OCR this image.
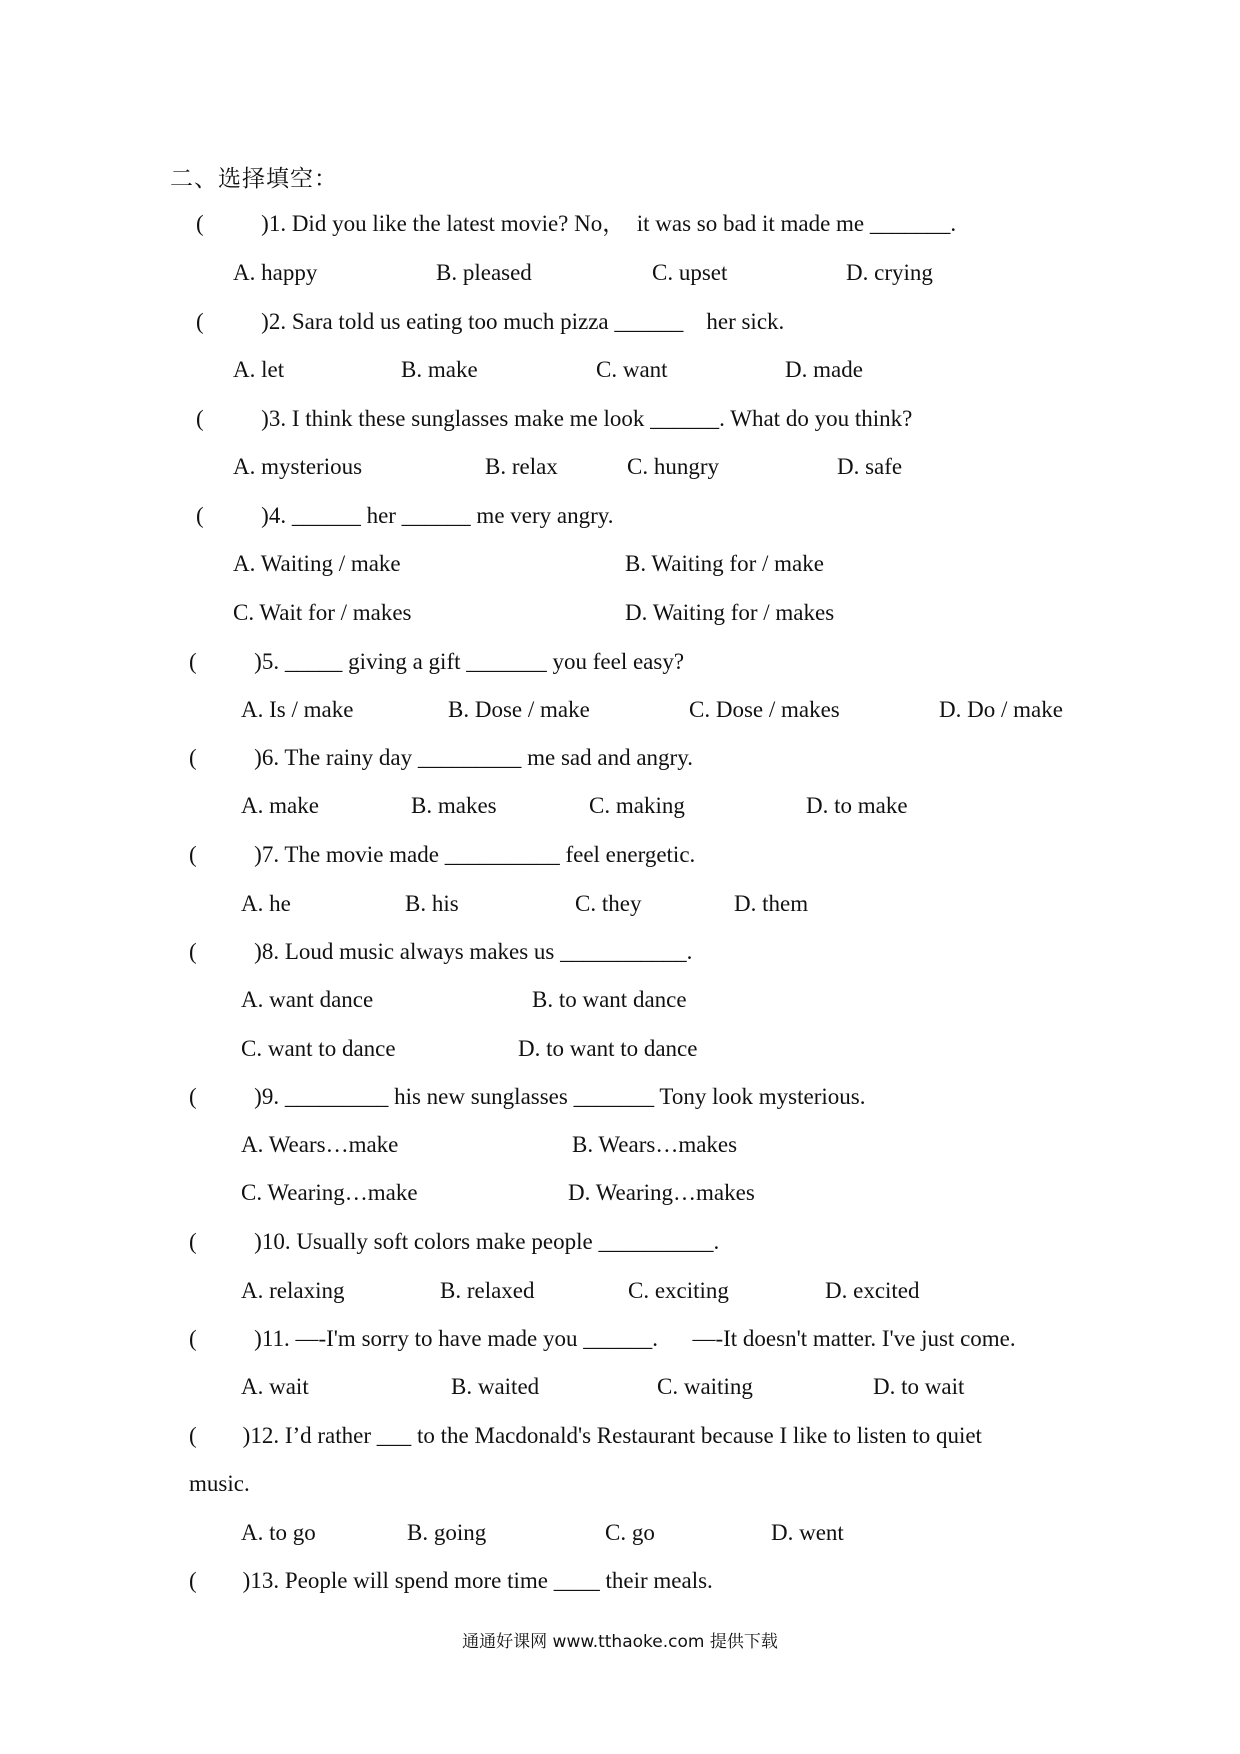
二、选择填空：
(          )1. Did you like the latest movie? No，  it was so bad it made me _______.
A. happy	B. pleased	C. upset	D. crying
(          )2. Sara told us eating too much pizza ______    her sick.
A. let	B. make	C. want	D. made
(          )3. I think these sunglasses make me look ______. What do you think?
A. mysterious	B. relax	C. hungry	D. safe
(          )4. ______ her ______ me very angry.
A. Waiting / make	B. Waiting for / make
C. Wait for / makes	D. Waiting for / makes
(          )5. _____ giving a gift _______ you feel easy?
A. Is / make	B. Dose / make	C. Dose / makes	D. Do / make
(          )6. The rainy day _________ me sad and angry.
A. make	B. makes	C. making	D. to make
(          )7. The movie made __________ feel energetic.
A. he	B. his	C. they	D. them
(          )8. Loud music always makes us ___________.
A. want dance	B. to want dance
C. want to dance	D. to want to dance
(          )9. _________ his new sunglasses _______ Tony look mysterious.
A. Wears…make	B. Wears…makes
C. Wearing…make	D. Wearing…makes
(          )10. Usually soft colors make people __________.
A. relaxing	B. relaxed	C. exciting	D. excited
(          )11. —-I'm sorry to have made you ______.      —-It doesn't matter. I've just come.
A. wait	B. waited	C. waiting	D. to wait
(        )12. I’d rather ___ to the Macdonald's Restaurant because I like to listen to quiet
music.
A. to go	B. going	C. go	D. went
(        )13. People will spend more time ____ their meals.
通通好课网 www.tthaoke.com 提供下载
